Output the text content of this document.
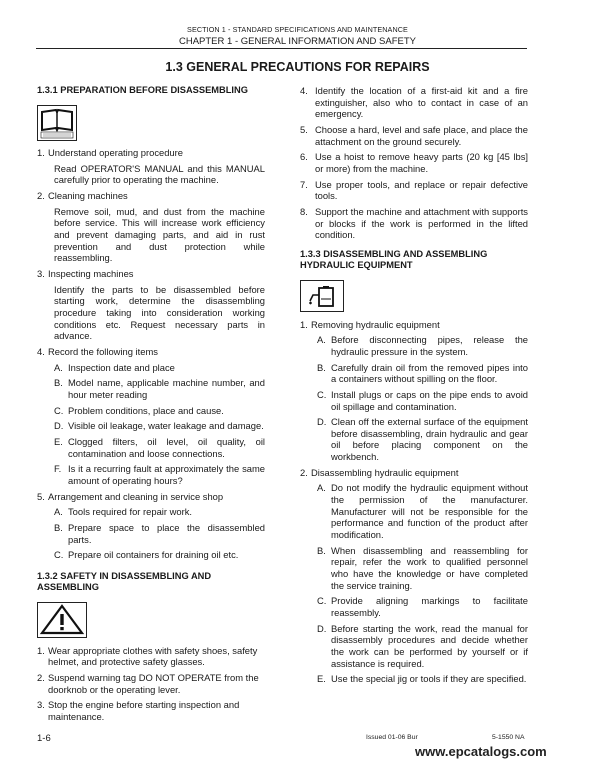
SECTION 1 - STANDARD SPECIFICATIONS AND MAINTENANCE
CHAPTER 1 - GENERAL INFORMATION AND SAFETY
1.3 GENERAL PRECAUTIONS FOR REPAIRS
1.3.1 PREPARATION BEFORE DISASSEMBLING
1. Understand operating procedure
Read OPERATOR'S MANUAL and this MANUAL carefully prior to operating the machine.
2. Cleaning machines
Remove soil, mud, and dust from the machine before service. This will increase work efficiency and prevent damaging parts, and aid in rust prevention and dust protection while reassembling.
3. Inspecting machines
Identify the parts to be disassembled before starting work, determine the disassembling procedure taking into consideration working conditions etc. Request necessary parts in advance.
4. Record the following items
A. Inspection date and place
B. Model name, applicable machine number, and hour meter reading
C. Problem conditions, place and cause.
D. Visible oil leakage, water leakage and damage.
E. Clogged filters, oil level, oil quality, oil contamination and loose connections.
F. Is it a recurring fault at approximately the same amount of operating hours?
5. Arrangement and cleaning in service shop
A. Tools required for repair work.
B. Prepare space to place the disassembled parts.
C. Prepare oil containers for draining oil etc.
1.3.2 SAFETY IN DISASSEMBLING AND ASSEMBLING
1. Wear appropriate clothes with safety shoes, safety helmet, and protective safety glasses.
2. Suspend warning tag DO NOT OPERATE from the doorknob or the operating lever.
3. Stop the engine before starting inspection and maintenance.
4. Identify the location of a first-aid kit and a fire extinguisher, also who to contact in case of an emergency.
5. Choose a hard, level and safe place, and place the attachment on the ground securely.
6. Use a hoist to remove heavy parts (20 kg [45 lbs] or more) from the machine.
7. Use proper tools, and replace or repair defective tools.
8. Support the machine and attachment with supports or blocks if the work is performed in the lifted condition.
1.3.3 DISASSEMBLING AND ASSEMBLING
HYDRAULIC EQUIPMENT
1. Removing hydraulic equipment
A. Before disconnecting pipes, release the hydraulic pressure in the system.
B. Carefully drain oil from the removed pipes into a containers without spilling on the floor.
C. Install plugs or caps on the pipe ends to avoid oil spillage and contamination.
D. Clean off the external surface of the equipment before disassembling, drain hydraulic and gear oil before placing component on the workbench.
2. Disassembling hydraulic equipment
A. Do not modify the hydraulic equipment without the permission of the manufacturer. Manufacturer will not be responsible for the performance and function of the product after modification.
B. When disassembling and reassembling for repair, refer the work to qualified personnel who have the knowledge or have completed the service training.
C. Provide aligning markings to facilitate reassembly.
D. Before starting the work, read the manual for disassembly procedures and decide whether the work can be performed by yourself or if assistance is required.
E. Use the special jig or tools if they are specified.
1-6	Issued 01-06 Bur	5-1550 NA
www.epcatalogs.com
